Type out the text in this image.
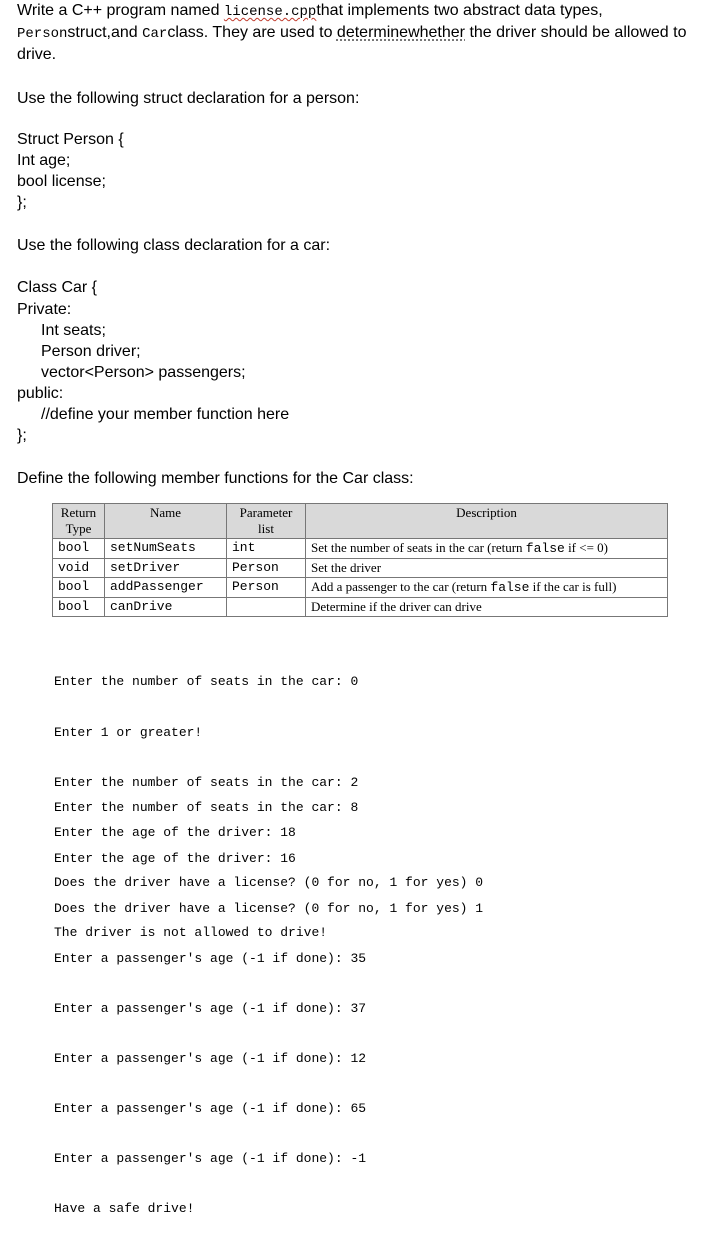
Write a C++ program named license.cppthat implements two abstract data types,
Personstruct,and Carclass. They are used to determinewhether the driver should be allowed to
drive.
Use the following struct declaration for a person:
Struct Person {
Int age;
bool license;
};
Use the following class declaration for a car:
Class Car {
Private:
Int seats;
Person driver;
vector<Person> passengers;
public:
//define your member function here
};
Define the following member functions for the Car class:
Return Type	Name	Parameter list	Description
bool	setNumSeats	int	Set the number of seats in the car (return false if <= 0)
void	setDriver	Person	Set the driver
bool	addPassenger	Person	Add a passenger to the car (return false if the car is full)
bool	canDrive		Determine if the driver can drive

Enter the number of seats in the car: 0

Enter 1 or greater!

Enter the number of seats in the car: 2

Enter the age of the driver: 18

Does the driver have a license? (0 for no, 1 for yes) 0

The driver is not allowed to drive!

Enter the number of seats in the car: 8

Enter the age of the driver: 16

Does the driver have a license? (0 for no, 1 for yes) 1

Enter a passenger's age (-1 if done): 35

Enter a passenger's age (-1 if done): 37

Enter a passenger's age (-1 if done): 12

Enter a passenger's age (-1 if done): 65

Enter a passenger's age (-1 if done): -1

Have a safe drive!
